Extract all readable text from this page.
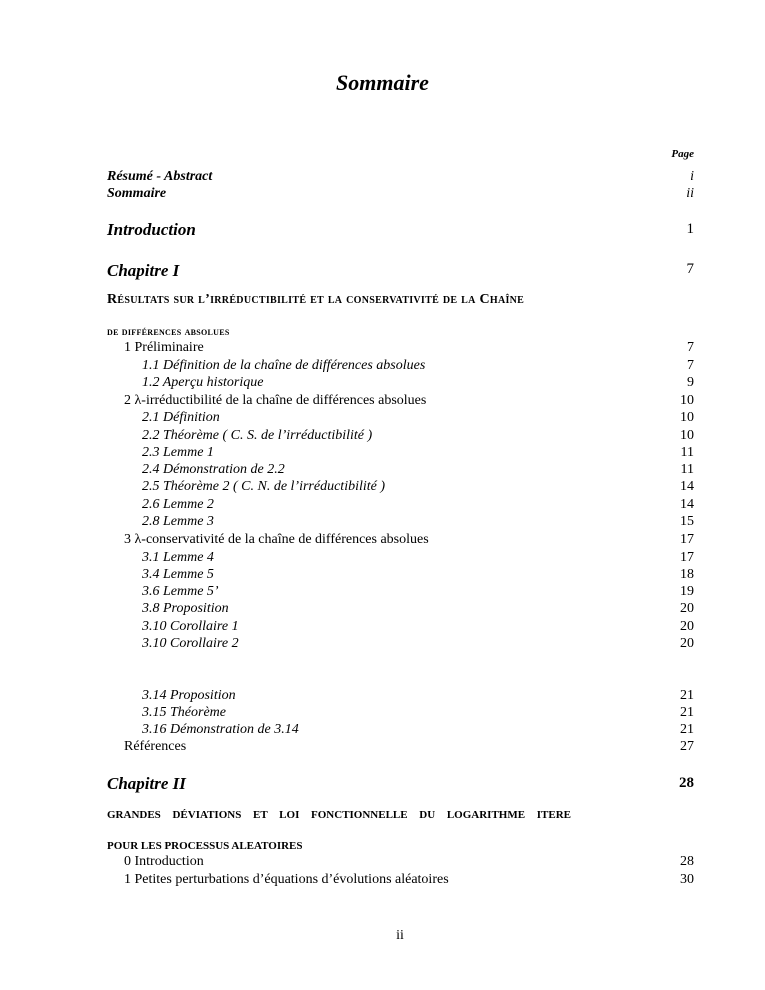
Sommaire
Page
Résumé - Abstract	i
Sommaire	ii
Introduction	1
Chapitre I	7
Résultats sur l’irréductibilité et la conservativité de la Chaîne
de différences absolues
1 Préliminaire	7
1.1 Définition de la chaîne de différences absolues	7
1.2 Aperçu historique	9
2 λ-irréductibilité de la chaîne de différences absolues	10
2.1 Définition	10
2.2 Théorème ( C. S. de l’irréductibilité )	10
2.3 Lemme 1	11
2.4 Démonstration de 2.2	11
2.5 Théorème 2 ( C. N. de l’irréductibilité )	14
2.6 Lemme 2	14
2.8 Lemme 3	15
3 λ-conservativité de la chaîne de différences absolues	17
3.1 Lemme 4	17
3.4 Lemme 5	18
3.6 Lemme 5’	19
3.8 Proposition	20
3.10 Corollaire 1	20
3.10 Corollaire 2	20
3.14 Proposition	21
3.15 Théorème	21
3.16 Démonstration de 3.14	21
Références	27
Chapitre II	28
GRANDES DÉVIATIONS ET LOI FONCTIONNELLE DU LOGARITHME ITERE
POUR LES PROCESSUS ALEATOIRES
0 Introduction	28
1 Petites perturbations d’équations d’évolutions aléatoires	30
ii
